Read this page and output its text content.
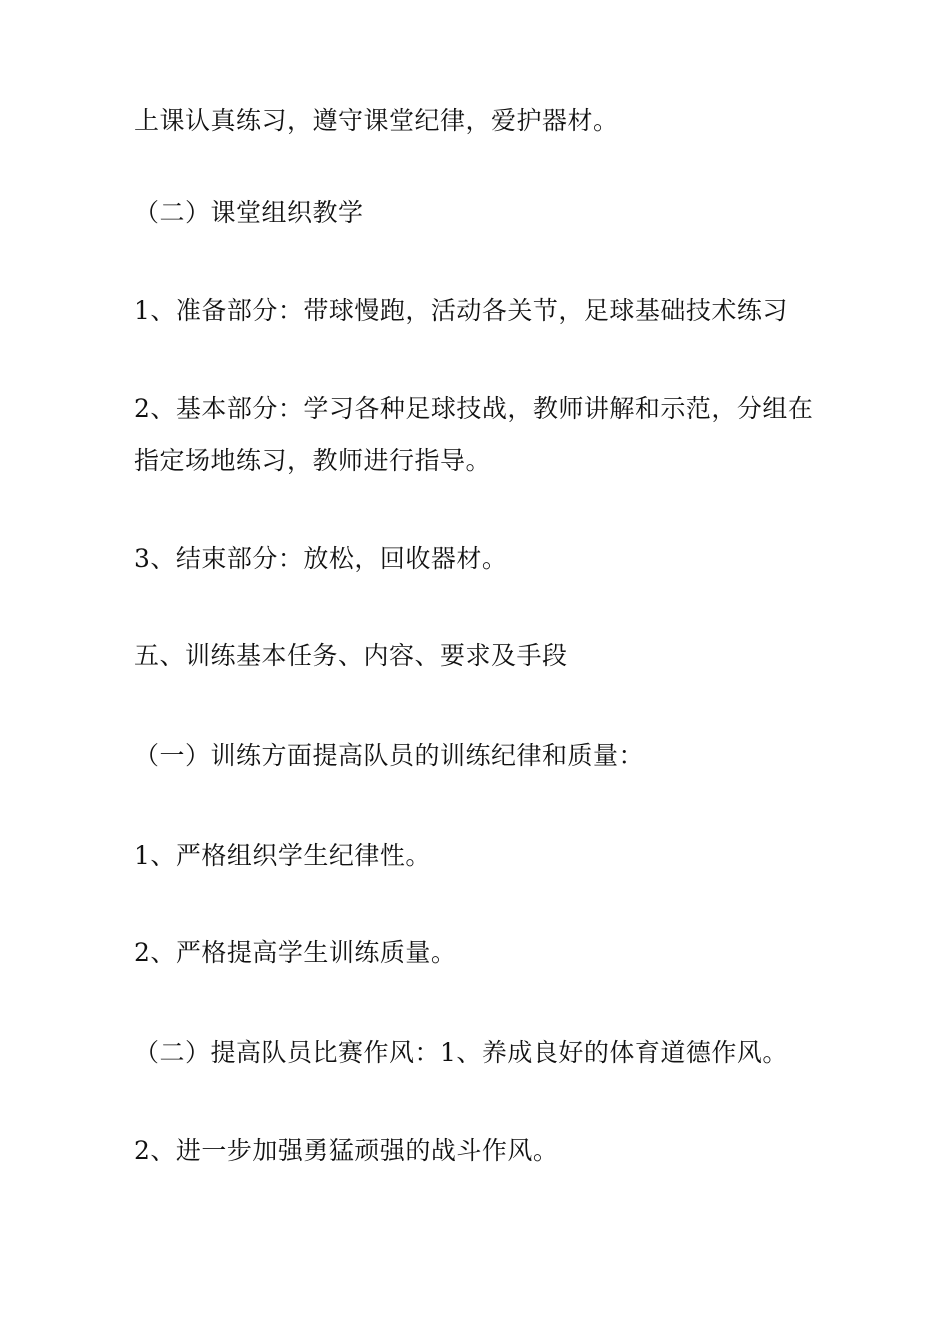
上课认真练习，遵守课堂纪律，爱护器材。

（二）课堂组织教学

1、准备部分：带球慢跑，活动各关节，足球基础技术练习

2、基本部分：学习各种足球技战，教师讲解和示范，分组在指定场地练习，教师进行指导。

3、结束部分：放松，回收器材。

五、训练基本任务、内容、要求及手段

（一）训练方面提高队员的训练纪律和质量：

1、严格组织学生纪律性。

2、严格提高学生训练质量。

（二）提高队员比赛作风：1、养成良好的体育道德作风。

2、进一步加强勇猛顽强的战斗作风。
